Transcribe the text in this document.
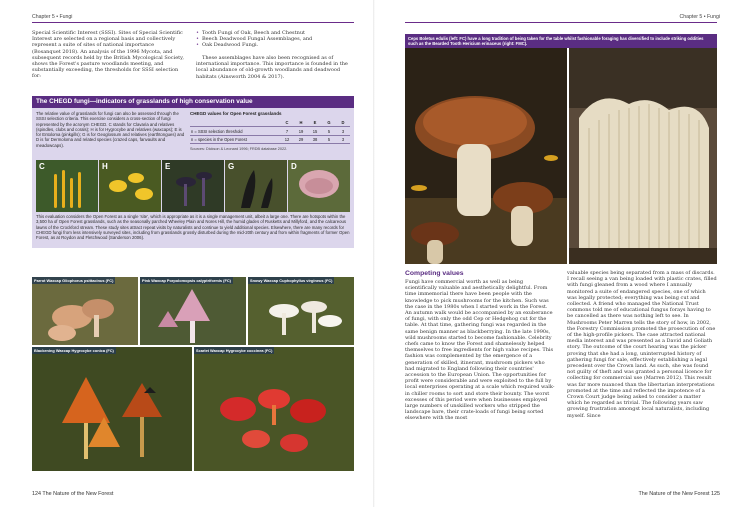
Chapter 5 • Fungi
Special Scientific Interest (SSSI). Sites of Special Scientific Interest are selected on a regional basis and collectively represent a suite of sites of national importance (Bosanquet 2018). An analysis of the 1996 Mycota, and subsequent records held by the British Mycological Society, shows the Forest's pasture woodlands meeting, and substantially exceeding, the thresholds for SSSI selection for:
• Tooth Fungi of Oak, Beech and Chestnut
• Beech Deadwood Fungal Assemblages, and
• Oak Deadwood Fungi.
These assemblages have also been recognised as of international importance. This importance is founded in the local abundance of old-growth woodlands and deadwood habitats (Ainsworth 2004 & 2017).
The CHEGD fungi—indicators of grasslands of high conservation value
The relative value of grasslands for fungi can also be assessed through the SSSI selection criteria. This exercise considers a cross-section of fungi represented by the acronym CHEGD. C stands for Clavaria and relatives (spindles, clubs and corals); H is for Hygrocybe and relatives (waxcaps); E is for Entoloma (pinkgills); G is for Geoglossum and relatives (earthtongues) and D is for Dermoloma and related species (crazed caps, fanvaults and meadowcaps).
CHEGD values for Open Forest grasslands
	C	H	E	G	D
n = SSSI selection threshold	7	19	15	5	3
n = species in the Open Forest	12	29	38	5	3
Sources: Dickson & Leonard 1996; FRDB database 2022.
C	H	E	G	D
This evaluation considers the Open Forest as a single 'site', which is appropriate as it is a single management unit, albeit a large one. There are hotspots within the 3,500 ha of Open Forest grasslands, such as the seasonally parched Wheeley Plain and Nores Hill, the humid glades of Rusketts and Millyford, and the calcareous lawns of the Crockford stream. These study sites attract repeat visits by naturalists and continue to yield additional species. Elsewhere, there are many records for CHEGD fungi from less intensively surveyed sites, including from grasslands grossly disturbed during the mid-20th century and from within fragments of former Open Forest, as at Roydon and Fletchwood (Sanderson 2006).
Parrot Waxcap Gliophorus psittacinus (FC)	Pink Waxcap Porpolomopsis calyptriformis (FC)	Snowy Waxcap Cuphophyllus virgineus (FC)
Blackening Waxcap Hygrocybe conica (FC)	Scarlet Waxcap Hygrocybe coccinea (FC)
124 The Nature of the New Forest
Chapter 5 • Fungi
Ceps Boletus edulis (left: FC) have a long tradition of being taken for the table whilst fashionable foraging has diversified to include striking oddities such as the Bearded Tooth Hericium erinaceus (right: FMC).
Competing values
Fungi have commercial worth as well as being scientifically valuable and aesthetically delightful. From time immemorial there have been people with the knowledge to pick mushrooms for the kitchen. Such was the case in the 1980s when I started work in the Forest. An autumn walk would be accompanied by an exuberance of fungi, with only the odd Cep or Hedgehog cut for the table. At that time, gathering fungi was regarded in the same benign manner as blackberrying. In the late 1990s, wild mushrooms started to become fashionable. Celebrity chefs came to know the Forest and shamelessly helped themselves to free ingredients for high value recipes. This fashion was complemented by the emergence of a generation of skilled, itinerant, mushroom pickers who had migrated to England following their countries' accession to the European Union. The opportunities for profit were considerable and were exploited to the full by local enterprises operating at a scale which required walk-in chiller rooms to sort and store their bounty. The worst excesses of this period were when businesses employed large numbers of unskilled workers who stripped the landscape bare, their crate-loads of fungi being sorted elsewhere with the most
valuable species being separated from a mass of discards. I recall seeing a van being loaded with plastic crates, filled with fungi gleaned from a wood where I annually monitored a suite of endangered species, one of which was legally protected; everything was being cut and collected. A friend who managed the National Trust commons told me of educational fungus forays having to be cancelled as there was nothing left to see. In Mushrooms Peter Marren tells the story of how, in 2002, the Forestry Commission promoted the prosecution of one of the high-profile pickers. The case attracted national media interest and was presented as a David and Goliath story. The outcome of the court hearing was the picker proving that she had a long, uninterrupted history of gathering fungi for sale, effectively establishing a legal precedent over the Crown land. As such, she was found not guilty of theft and was granted a personal licence for collecting for commercial use (Marren 2012). This result was far more nuanced than the libertarian interpretations promoted at the time and reflected the impotence of a Crown Court judge being asked to consider a matter which he regarded as trivial. The following years saw growing frustration amongst local naturalists, including myself. Since
The Nature of the New Forest 125
